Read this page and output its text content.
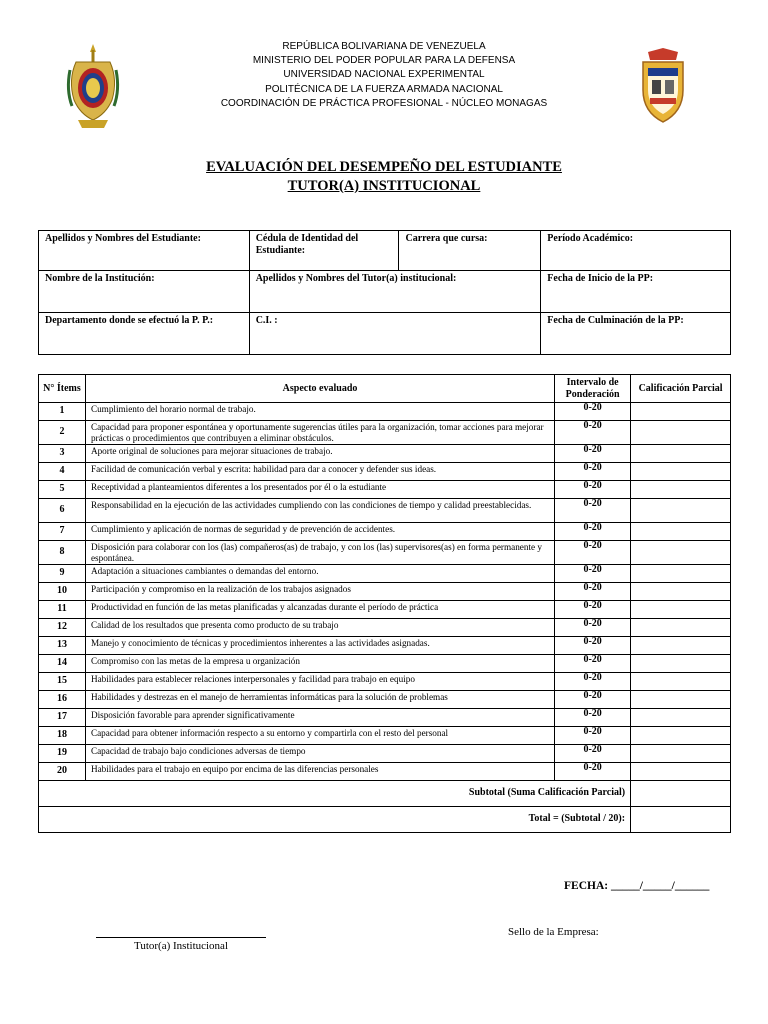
REPÚBLICA BOLIVARIANA DE VENEZUELA
MINISTERIO DEL PODER POPULAR PARA LA DEFENSA
UNIVERSIDAD NACIONAL EXPERIMENTAL
POLITÉCNICA DE LA FUERZA ARMADA NACIONAL
COORDINACIÓN DE PRÁCTICA PROFESIONAL - NÚCLEO MONAGAS
EVALUACIÓN DEL DESEMPEÑO DEL ESTUDIANTE
TUTOR(A) INSTITUCIONAL
Apellidos y Nombres del Estudiante:	Cédula de Identidad del Estudiante:	Carrera que cursa:	Período Académico:
Nombre de la Institución:	Apellidos y Nombres del Tutor(a) institucional:		Fecha de Inicio de la PP:
Departamento donde se efectuó la P. P.:	C.I. :		Fecha de Culminación de la PP:
N° Ítems	Aspecto evaluado	Intervalo de Ponderación	Calificación Parcial
1	Cumplimiento del horario normal de trabajo.	0-20	
2	Capacidad para proponer espontánea y oportunamente sugerencias útiles para la organización, tomar acciones para mejorar prácticas o procedimientos que contribuyen a eliminar obstáculos.	0-20	
3	Aporte original de soluciones para mejorar situaciones de trabajo.	0-20	
4	Facilidad de comunicación verbal y escrita: habilidad para dar a conocer y defender sus ideas.	0-20	
5	Receptividad a planteamientos diferentes a los presentados por él o la estudiante	0-20	
6	Responsabilidad en la ejecución de las actividades cumpliendo con las condiciones de tiempo y calidad preestablecidas.	0-20	
7	Cumplimiento y aplicación de normas de seguridad y de prevención de accidentes.	0-20	
8	Disposición para colaborar con los (las) compañeros(as) de trabajo, y con los (las) supervisores(as) en forma permanente y espontánea.	0-20	
9	Adaptación a situaciones cambiantes o demandas del entorno.	0-20	
10	Participación y compromiso en la realización de los trabajos asignados	0-20	
11	Productividad en función de las metas planificadas y alcanzadas durante el período de práctica	0-20	
12	Calidad de los resultados que presenta como producto de su trabajo	0-20	
13	Manejo y conocimiento de técnicas y procedimientos inherentes a las actividades asignadas.	0-20	
14	Compromiso con las metas de la empresa u organización	0-20	
15	Habilidades para establecer relaciones interpersonales y facilidad para trabajo en equipo	0-20	
16	Habilidades y destrezas en el manejo de herramientas informáticas para la solución de problemas	0-20	
17	Disposición favorable para aprender significativamente	0-20	
18	Capacidad para obtener información respecto a su entorno y compartirla con el resto del personal	0-20	
19	Capacidad de trabajo bajo condiciones adversas de tiempo	0-20	
20	Habilidades para el trabajo en equipo por encima de las diferencias personales	0-20	
Subtotal (Suma Calificación Parcial)			
Total = (Subtotal / 20):			
FECHA: _____/_____/______
Sello de la Empresa:
Tutor(a) Institucional
